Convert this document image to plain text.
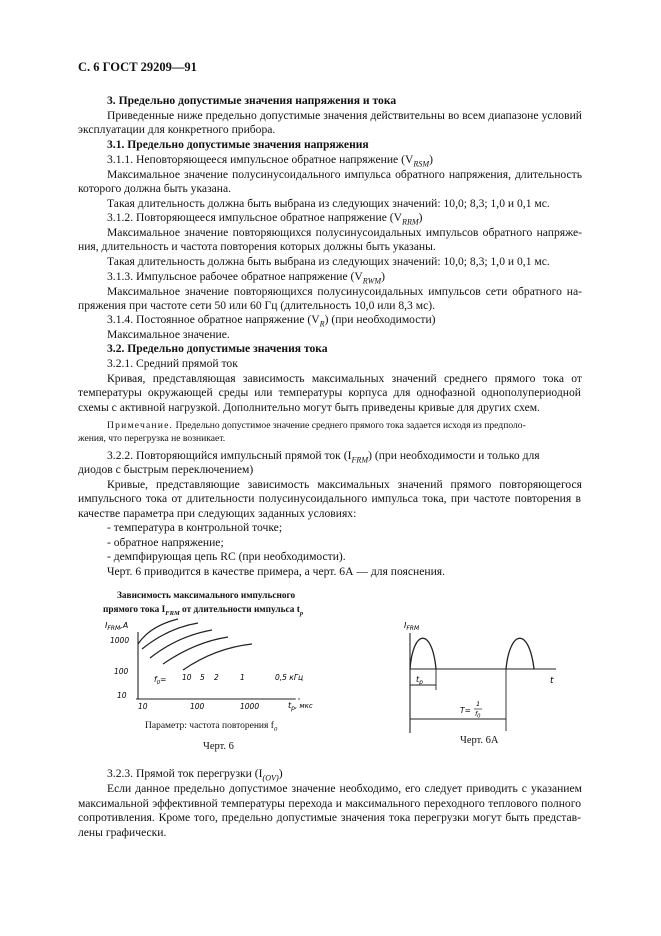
С. 6 ГОСТ 29209—91
3. Предельно допустимые значения напряжения и тока
Приведенные ниже предельно допустимые значения действительны во всем диапазоне условий
эксплуатации для конкретного прибора.
3.1. Предельно допустимые значения напряжения
3.1.1. Неповторяющееся импульсное обратное напряжение $(V_{RSM})$
Максимальное значение полусинусоидального импульса обратного напряжения, длительность
которого должна быть указана.
Такая длительность должна быть выбрана из следующих значений: 10,0; 8,3; 1,0 и 0,1 мс.
3.1.2. Повторяющееся импульсное обратное напряжение $(V_{RRM})$
Максимальное значение повторяющихся полусинусоидальных импульсов обратного напряже-
ния, длительность и частота повторения которых должны быть указаны.
Такая длительность должна быть выбрана из следующих значений: 10,0; 8,3; 1,0 и 0,1 мс.
3.1.3. Импульсное рабочее обратное напряжение $(V_{RWM})$
Максимальное значение повторяющихся полусинусоидальных импульсов сети обратного на-
пряжения при частоте сети 50 или 60 Гц (длительность 10,0 или 8,3 мс).
3.1.4. Постоянное обратное напряжение $(V_R)$ (при необходимости)
Максимальное значение.
3.2. Предельно допустимые значения тока
3.2.1. Средний прямой ток
Кривая, представляющая зависимость максимальных значений среднего прямого тока от
температуры окружающей среды или температуры корпуса для однофазной однополупериодной
схемы с активной нагрузкой. Дополнительно могут быть приведены кривые для других схем.
Примечание. Предельно допустимое значение среднего прямого тока задается исходя из предполо-
жения, что перегрузка не возникает.
3.2.2. Повторяющийся импульсный прямой ток $(I_{FRM})$ (при необходимости и только для
диодов с быстрым переключением)
Кривые, представляющие зависимость максимальных значений прямого повторяющегося
импульсного тока от длительности полусинусоидального импульса тока, при частоте повторения в
качестве параметра при следующих заданных условиях:
- температура в контрольной точке;
- обратное напряжение;
- демпфирующая цепь RC (при необходимости).
Черт. 6 приводится в качестве примера, а черт. 6А — для пояснения.
Зависимость максимального импульсного
прямого тока $I_{FRM}$ от длительности импульса $t_p$
$I_{FRM},A$
1000
100
10
10	100	1000	$t_p$, мкс
$f_0= 10$ 5 2	1	0,5 кГц
Параметр: частота повторения $f_0$
Черт. 6
$I_{FRM}$
t
$t_p$
T=
1
$f_0$
Черт. 6А
3.2.3. Прямой ток перегрузки $(I_{(OV)})$
Если данное предельно допустимое значение необходимо, его следует приводить с указанием
максимальной эффективной температуры перехода и максимального переходного теплового полного
сопротивления. Кроме того, предельно допустимые значения тока перегрузки могут быть представ-
лены графически.
